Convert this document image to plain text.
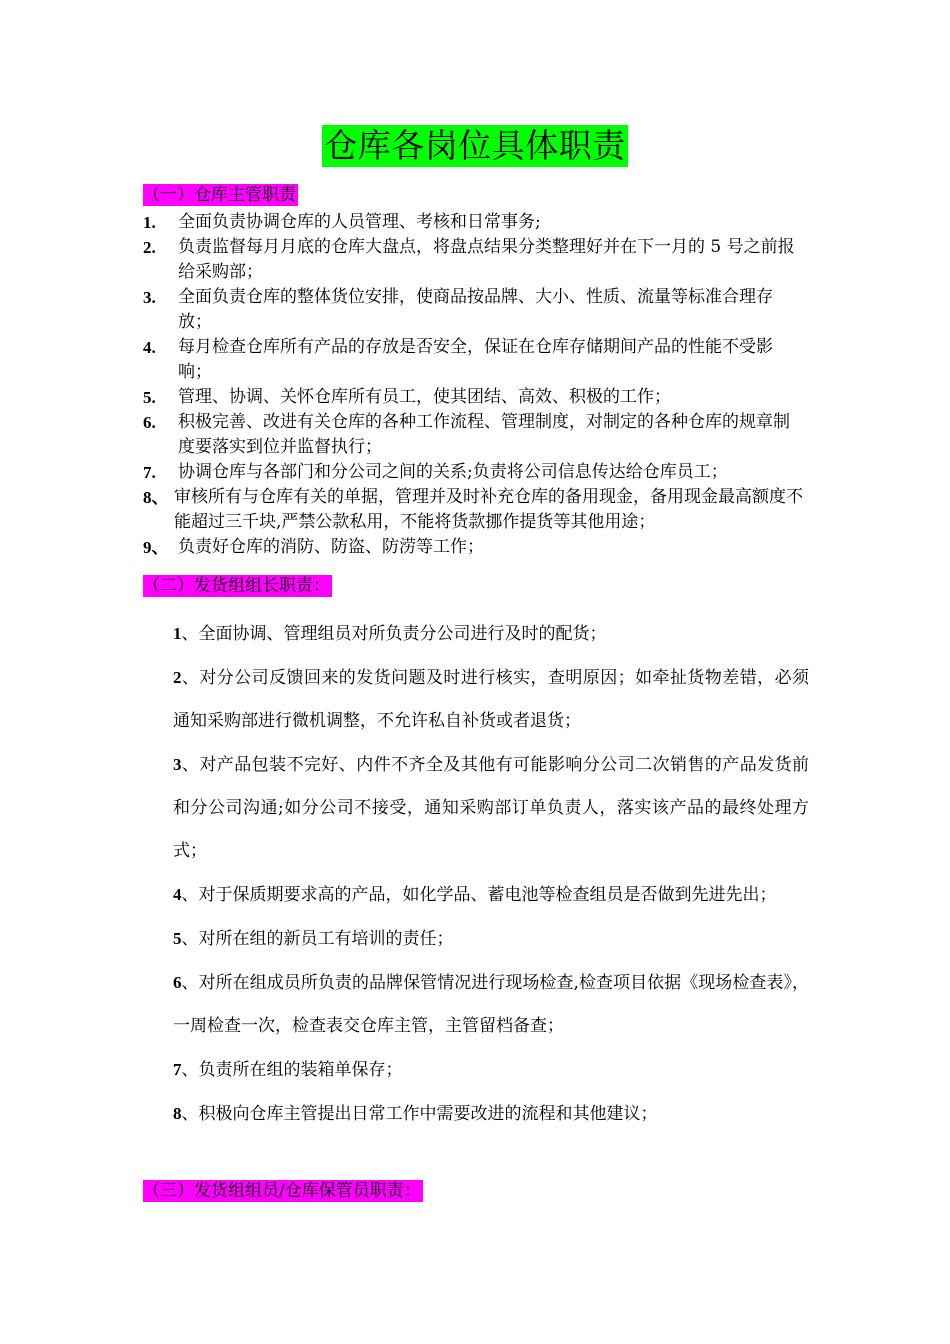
仓库各岗位具体职责
（一）仓库主管职责
1. 全面负责协调仓库的人员管理、考核和日常事务;
2. 负责监督每月月底的仓库大盘点，将盘点结果分类整理好并在下一月的 5 号之前报给采购部；
3. 全面负责仓库的整体货位安排，使商品按品牌、大小、性质、流量等标准合理存放；
4. 每月检查仓库所有产品的存放是否安全，保证在仓库存储期间产品的性能不受影响；
5. 管理、协调、关怀仓库所有员工，使其团结、高效、积极的工作；
6. 积极完善、改进有关仓库的各种工作流程、管理制度，对制定的各种仓库的规章制度要落实到位并监督执行；
7. 协调仓库与各部门和分公司之间的关系;负责将公司信息传达给仓库员工；
8、 审核所有与仓库有关的单据，管理并及时补充仓库的备用现金，备用现金最高额度不能超过三千块,严禁公款私用，不能将货款挪作提货等其他用途；
9、 负责好仓库的消防、防盗、防涝等工作；
（二）发货组组长职责：

1、全面协调、管理组员对所负责分公司进行及时的配货；

2、对分公司反馈回来的发货问题及时进行核实，查明原因；如牵扯货物差错，必须通知采购部进行微机调整，不允许私自补货或者退货；

3、对产品包装不完好、内件不齐全及其他有可能影响分公司二次销售的产品发货前和分公司沟通;如分公司不接受，通知采购部订单负责人，落实该产品的最终处理方式；

4、对于保质期要求高的产品，如化学品、蓄电池等检查组员是否做到先进先出；

5、对所在组的新员工有培训的责任；

6、对所在组成员所负责的品牌保管情况进行现场检查,检查项目依据《现场检查表》，一周检查一次，检查表交仓库主管，主管留档备查；

7、负责所在组的装箱单保存；

8、积极向仓库主管提出日常工作中需要改进的流程和其他建议；

（三）发货组组员/仓库保管员职责：
